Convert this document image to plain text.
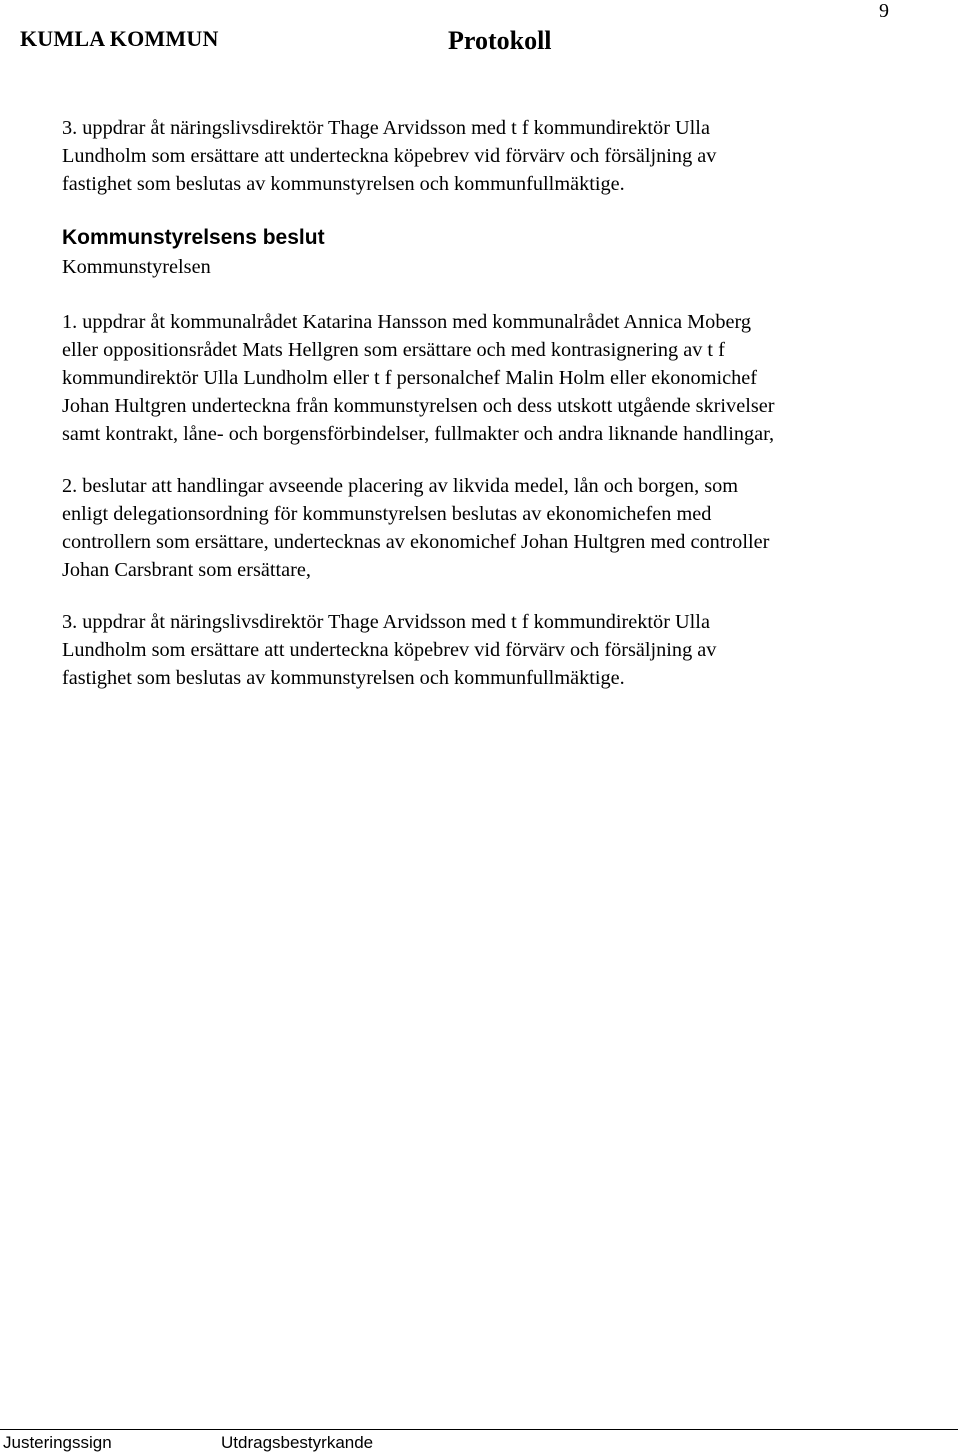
KUMLA KOMMUN	Protokoll
9

3. uppdrar åt näringslivsdirektör Thage Arvidsson med t f kommundirektör Ulla

Lundholm som ersättare att underteckna köpebrev vid förvärv och försäljning av

fastighet som beslutas av kommunstyrelsen och kommunfullmäktige.

Kommunstyrelsens beslut

Kommunstyrelsen

1. uppdrar åt kommunalrådet Katarina Hansson med kommunalrådet Annica Moberg

eller oppositionsrådet Mats Hellgren som ersättare och med kontrasignering av t f

kommundirektör Ulla Lundholm eller t f personalchef Malin Holm eller ekonomichef

Johan Hultgren underteckna från kommunstyrelsen och dess utskott utgående skrivelser

samt kontrakt, låne- och borgensförbindelser, fullmakter och andra liknande handlingar,

2. beslutar att handlingar avseende placering av likvida medel, lån och borgen, som

enligt delegationsordning för kommunstyrelsen beslutas av ekonomichefen med

controllern som ersättare, undertecknas av ekonomichef Johan Hultgren med controller

Johan Carsbrant som ersättare,

3. uppdrar åt näringslivsdirektör Thage Arvidsson med t f kommundirektör Ulla

Lundholm som ersättare att underteckna köpebrev vid förvärv och försäljning av

fastighet som beslutas av kommunstyrelsen och kommunfullmäktige.

Justeringssign	Utdragsbestyrkande
